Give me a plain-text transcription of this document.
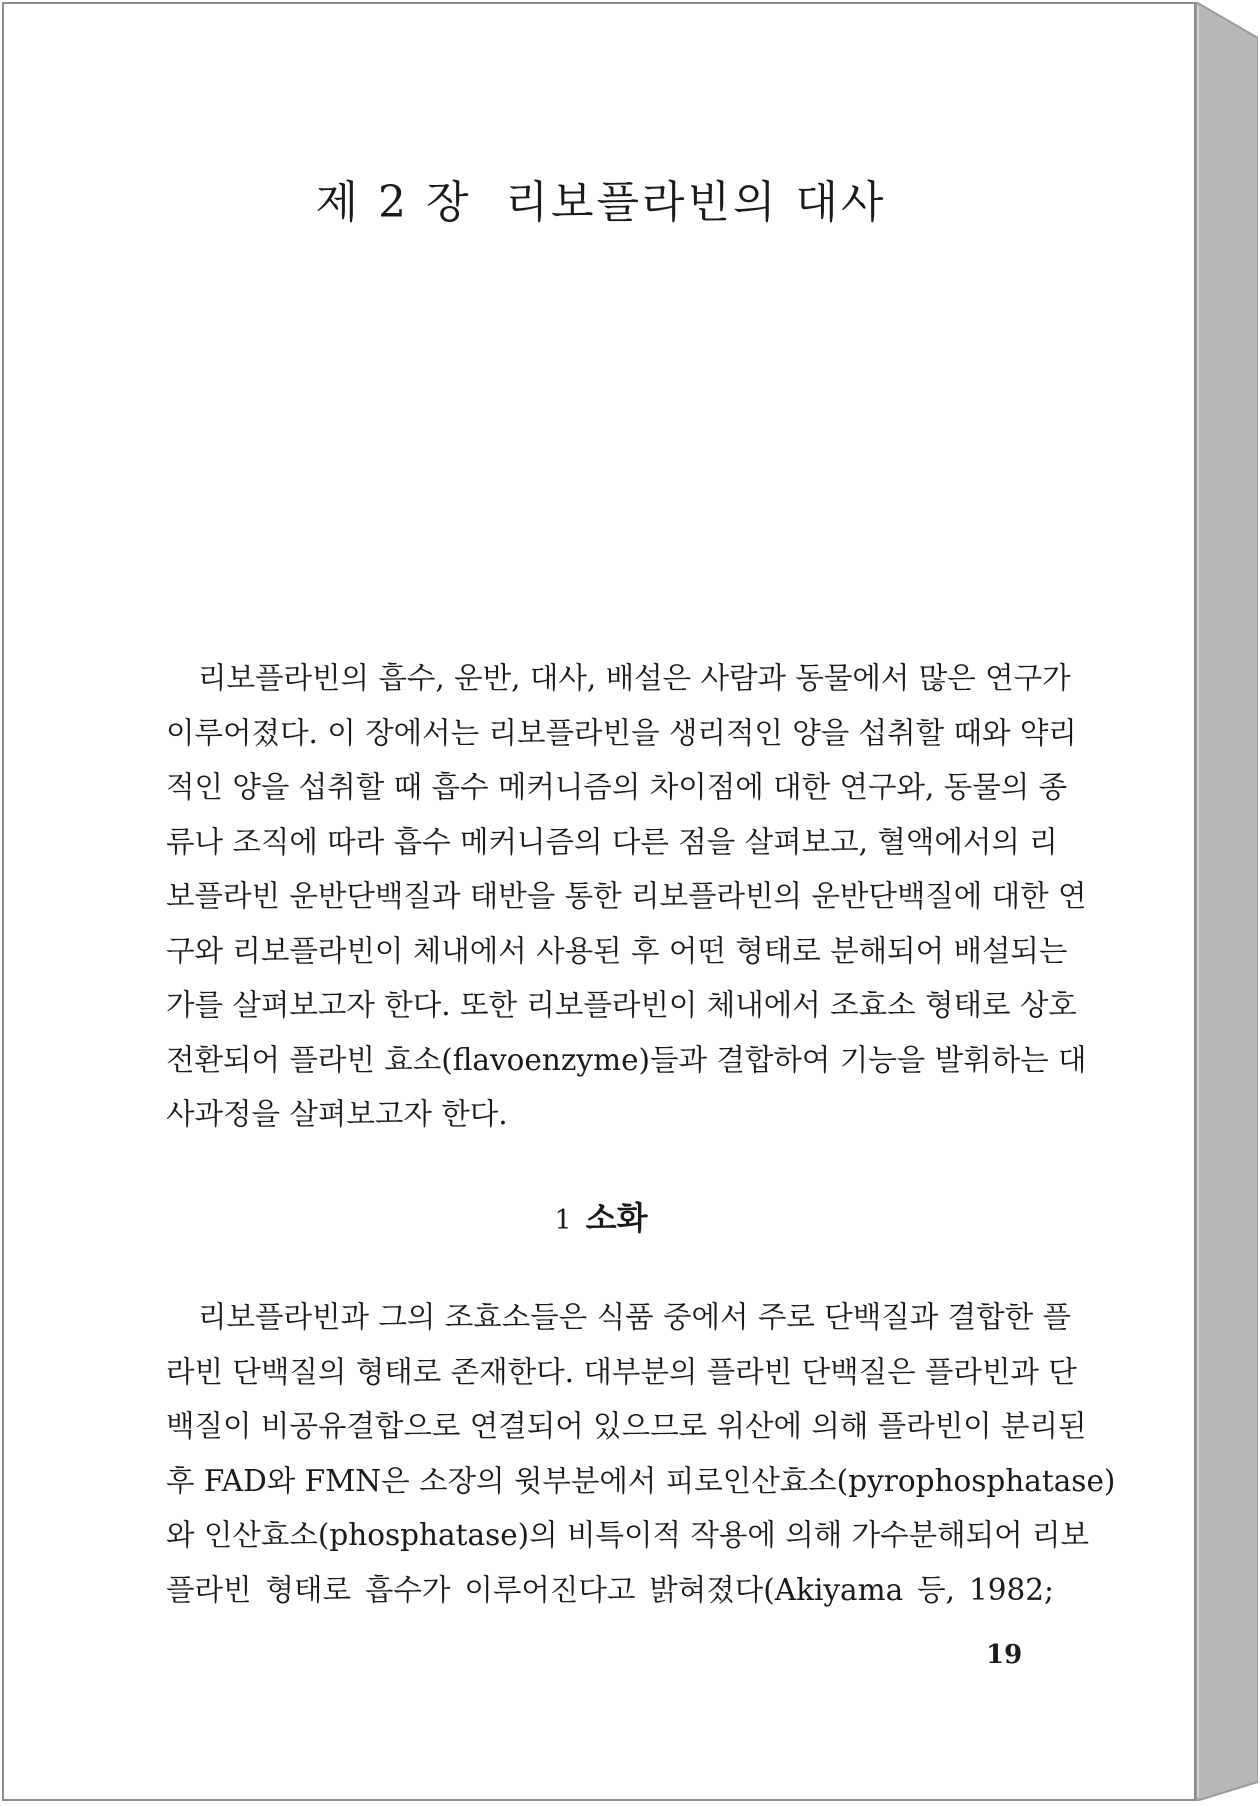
제 2 장 리보플라빈의 대사

리보플라빈의 흡수, 운반, 대사, 배설은 사람과 동물에서 많은 연구가
이루어졌다. 이 장에서는 리보플라빈을 생리적인 양을 섭취할 때와 약리
적인 양을 섭취할 때 흡수 메커니즘의 차이점에 대한 연구와, 동물의 종
류나 조직에 따라 흡수 메커니즘의 다른 점을 살펴보고, 혈액에서의 리
보플라빈 운반단백질과 태반을 통한 리보플라빈의 운반단백질에 대한 연
구와 리보플라빈이 체내에서 사용된 후 어떤 형태로 분해되어 배설되는
가를 살펴보고자 한다. 또한 리보플라빈이 체내에서 조효소 형태로 상호
전환되어 플라빈 효소(flavoenzyme)들과 결합하여 기능을 발휘하는 대
사과정을 살펴보고자 한다.

1 소화

리보플라빈과 그의 조효소들은 식품 중에서 주로 단백질과 결합한 플
라빈 단백질의 형태로 존재한다. 대부분의 플라빈 단백질은 플라빈과 단
백질이 비공유결합으로 연결되어 있으므로 위산에 의해 플라빈이 분리된
후 FAD와 FMN은 소장의 윗부분에서 피로인산효소(pyrophosphatase)
와 인산효소(phosphatase)의 비특이적 작용에 의해 가수분해되어 리보
플라빈 형태로 흡수가 이루어진다고 밝혀졌다(Akiyama 등, 1982;

19
